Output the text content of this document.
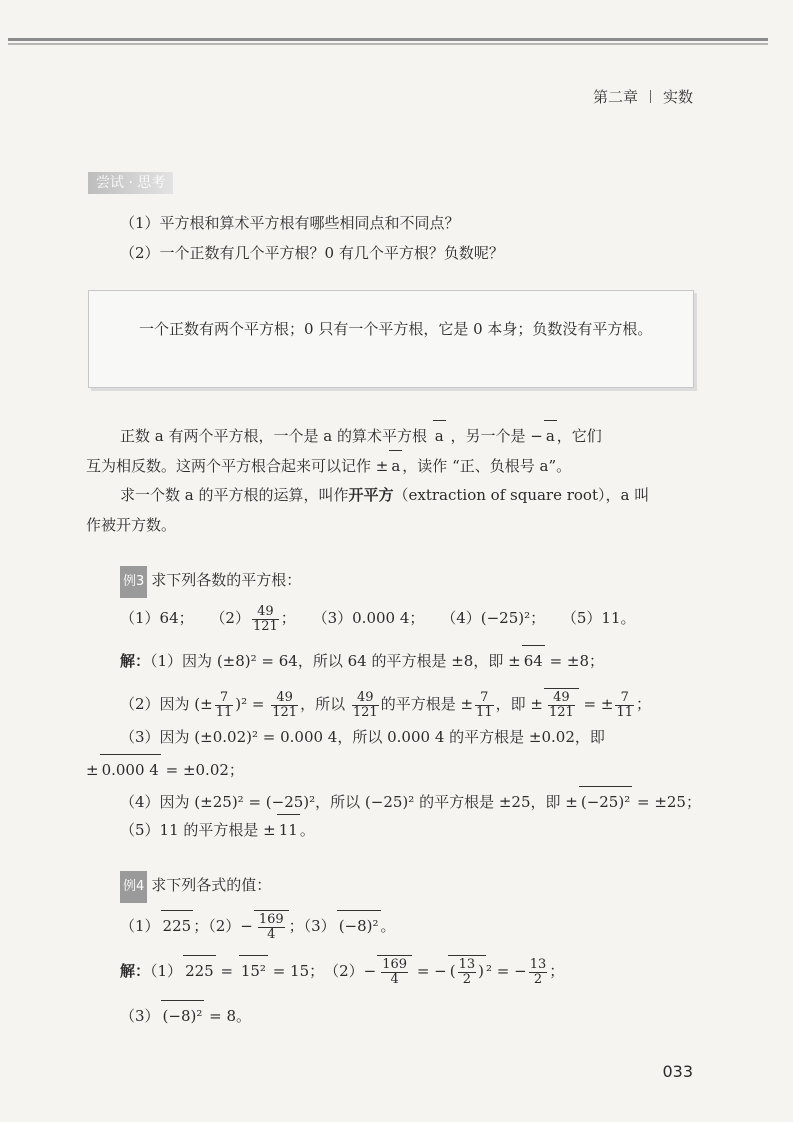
第二章 实数
尝试 · 思考
（1）平方根和算术平方根有哪些相同点和不同点？
（2）一个正数有几个平方根？0 有几个平方根？负数呢？
一个正数有两个平方根；0 只有一个平方根，它是 0 本身；负数没有平方根。
正数 a 有两个平方根，一个是 a 的算术平方根 a ，另一个是 − a ，它们
互为相反数。这两个平方根合起来可以记作 ± a ，读作 “正、负根号 a”。
求一个数 a 的平方根的运算，叫作开平方（extraction of square root），a 叫
作被开方数。
例3 求下列各数的平方根：
（1）64； $(2) \frac{49}{121}$ ； （3）0.000 4； （4）(−25)²； （5）11。
解：（1）因为 (±8)² = 64，所以 64 的平方根是 ±8，即 ± 64 = ±8；
（2）因为 (± $\frac{7}{11} )^2 = \frac{49}{121}$ ，所以 $\frac{49}{121}$ 的平方根是 ± $\frac{7}{11}$ ，即 ± $\frac{49}{121}$ = ± $\frac{7}{11}$ ；
（3）因为 (±0.02)² = 0.000 4，所以 0.000 4 的平方根是 ±0.02，即
± 0.000 4 = ±0.02；
（4）因为 (±25)² = (−25)²，所以 (−25)² 的平方根是 ±25，即 ± (−25)² = ±25；
（5）11 的平方根是 ± 11 。
例4 求下列各式的值：
（1） 225 ；$(2)- \frac{169}{4}$ ；（3） (−8)² 。
解：（1） 225 = 15² = 15；　$(2)- \frac{169}{4}$ = − ( $\frac{13}{2}$ ) ² = − $\frac{13}{2}$ ；
（3） (−8)² = 8。
033
